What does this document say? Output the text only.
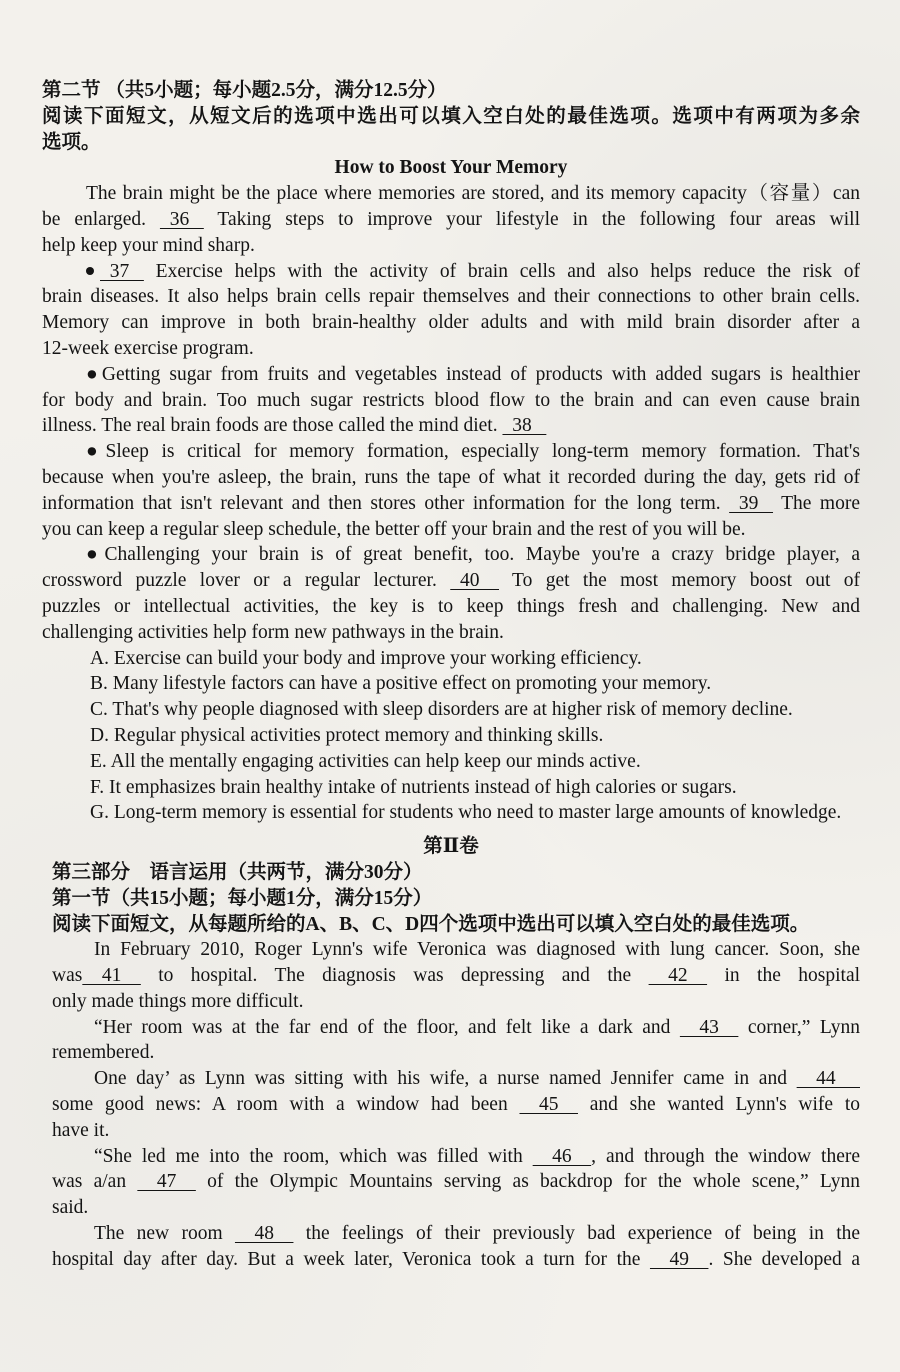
第二节 （共5小题；每小题2.5分，满分12.5分）
阅读下面短文，从短文后的选项中选出可以填入空白处的最佳选项。选项中有两项为多余
选项。
How to Boost Your Memory
The brain might be the place where memories are stored, and its memory capacity（容量）can
be enlarged.   36    Taking steps to improve your lifestyle in the following four areas will
help keep your mind sharp.
37    Exercise helps with the activity of brain cells and also helps reduce the risk of
brain diseases. It also helps brain cells repair themselves and their connections to other brain cells.
Memory can improve in both brain-healthy older adults and with mild brain disorder after a
12-week exercise program.
●Getting sugar from fruits and vegetables instead of products with added sugars is healthier
for body and brain. Too much sugar restricts blood flow to the brain and can even cause brain
illness. The real brain foods are those called the mind diet.   38
●Sleep is critical for memory formation, especially long-term memory formation. That's
because when you're asleep, the brain, runs the tape of what it recorded during the day, gets rid of
information that isn't relevant and then stores other information for the long term.   39    The more
you can keep a regular sleep schedule, the better off your brain and the rest of you will be.
●Challenging your brain is of great benefit, too. Maybe you're a crazy bridge player, a
crossword puzzle lover or a regular lecturer.   40     To get the most memory boost out of
puzzles or intellectual activities, the key is to keep things fresh and challenging. New and
challenging activities help form new pathways in the brain.
A. Exercise can build your body and improve your working efficiency.
B. Many lifestyle factors can have a positive effect on promoting your memory.
C. That's why people diagnosed with sleep disorders are at higher risk of memory decline.
D. Regular physical activities protect memory and thinking skills.
E. All the mentally engaging activities can help keep our minds active.
F. It emphasizes brain healthy intake of nutrients instead of high calories or sugars.
G. Long-term memory is essential for students who need to master large amounts of knowledge.
第Ⅱ卷
第三部分　语言运用（共两节，满分30分）
第一节（共15小题；每小题1分，满分15分）
阅读下面短文，从每题所给的A、B、C、D四个选项中选出可以填入空白处的最佳选项。
In February 2010, Roger Lynn's wife Veronica was diagnosed with lung cancer. Soon, she
was    41     to hospital. The diagnosis was depressing and the     42     in the hospital
only made things more difficult.
“Her room was at the far end of the floor, and felt like a dark and     43     corner,” Lynn
remembered.
One day’ as Lynn was sitting with his wife, a nurse named Jennifer came in and     44
some good news: A room with a window had been     45     and she wanted Lynn's wife to
have it.
“She led me into the room, which was filled with     46    , and through the window there
was a/an     47     of the Olympic Mountains serving as backdrop for the whole scene,” Lynn
said.
The new room     48     the feelings of their previously bad experience of being in the
hospital day after day. But a week later, Veronica took a turn for the     49    . She developed a
